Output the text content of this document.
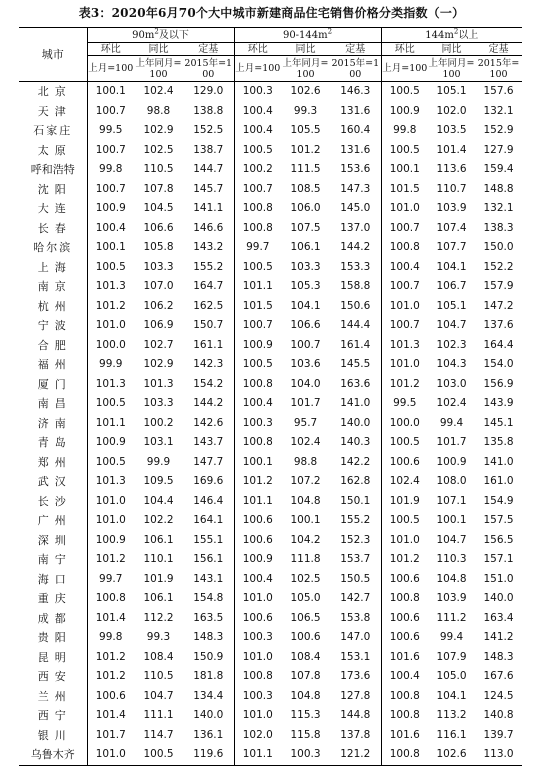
表3：2020年6月70个大中城市新建商品住宅销售价格分类指数（一）
城市	$90m^2$及以下			$90-144m^2$			$144m^2$以上		
	环比	同比	定基	环比	同比	定基	环比	同比	定基
	上月=100	上年同月=100	2015年=100	上月=100	上年同月=100	2015年=100	上月=100	上年同月=100	2015年=100
北京	100.1	102.4	129.0	100.3	102.6	146.3	100.5	105.1	157.6
天津	100.7	98.8	138.8	100.4	99.3	131.6	100.9	102.0	132.1
石家庄	99.5	102.9	152.5	100.4	105.5	160.4	99.8	103.5	152.9
太原	100.7	102.5	138.7	100.5	101.2	131.6	100.5	101.4	127.9
呼和浩特	99.8	110.5	144.7	100.2	111.5	153.6	100.1	113.6	159.4
沈阳	100.7	107.8	145.7	100.7	108.5	147.3	101.5	110.7	148.8
大连	100.9	104.5	141.1	100.8	106.0	145.0	101.0	103.9	132.1
长春	100.4	106.6	146.6	100.8	107.5	137.0	100.7	107.4	138.3
哈尔滨	100.1	105.8	143.2	99.7	106.1	144.2	100.8	107.7	150.0
上海	100.5	103.3	155.2	100.5	103.3	153.3	100.4	104.1	152.2
南京	101.3	107.0	164.7	101.1	105.3	158.8	100.7	106.7	157.9
杭州	101.2	106.2	162.5	101.5	104.1	150.6	101.0	105.1	147.2
宁波	101.0	106.9	150.7	100.7	106.6	144.4	100.7	104.7	137.6
合肥	100.0	102.7	161.1	100.9	100.7	161.4	101.3	102.3	164.4
福州	99.9	102.9	142.3	100.5	103.6	145.5	101.0	104.3	154.0
厦门	101.3	101.3	154.2	100.8	104.0	163.6	101.2	103.0	156.9
南昌	100.5	103.3	144.2	100.4	101.7	141.0	99.5	102.4	143.9
济南	101.1	100.2	142.6	100.3	95.7	140.0	100.0	99.4	145.1
青岛	100.9	103.1	143.7	100.8	102.4	140.3	100.5	101.7	135.8
郑州	100.5	99.9	147.7	100.1	98.8	142.2	100.6	100.9	141.0
武汉	101.3	109.5	169.6	101.2	107.2	162.8	102.4	108.0	161.0
长沙	101.0	104.4	146.4	101.1	104.8	150.1	101.9	107.1	154.9
广州	101.0	102.2	164.1	100.6	100.1	155.2	100.5	100.1	157.5
深圳	100.9	106.1	155.1	100.6	104.2	152.3	101.0	104.7	156.5
南宁	101.2	110.1	156.1	100.9	111.8	153.7	101.2	110.3	157.1
海口	99.7	101.9	143.1	100.4	102.5	150.5	100.6	104.8	151.0
重庆	100.8	106.1	154.8	101.0	105.0	142.7	100.8	103.9	140.0
成都	101.4	112.2	163.5	100.6	106.5	153.8	100.6	111.2	163.4
贵阳	99.8	99.3	148.3	100.3	100.6	147.0	100.6	99.4	141.2
昆明	101.2	108.4	150.9	101.0	108.4	153.1	101.6	107.9	148.3
西安	101.2	110.5	181.8	100.8	107.8	173.6	100.4	105.0	167.6
兰州	100.6	104.7	134.4	100.3	104.8	127.8	100.8	104.1	124.5
西宁	101.4	111.1	140.0	101.0	115.3	144.8	100.8	113.2	140.8
银川	101.7	114.7	136.1	102.0	115.8	137.8	101.6	116.1	139.7
乌鲁木齐	101.0	100.5	119.6	101.1	100.3	121.2	100.8	102.6	113.0
